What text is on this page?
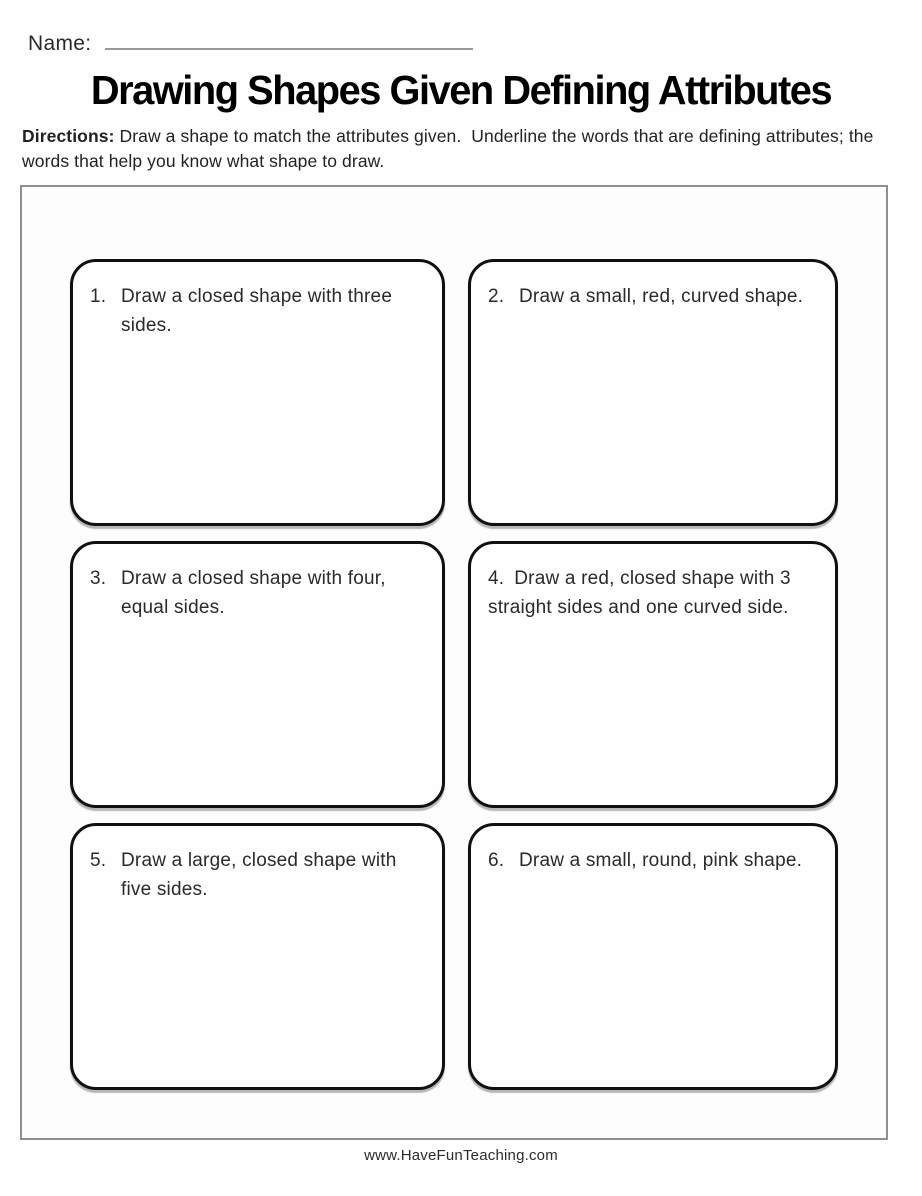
Name:
Drawing Shapes Given Defining Attributes
Directions: Draw a shape to match the attributes given.  Underline the words that are defining attributes; the words that help you know what shape to draw.
1. Draw a closed shape with three sides.
2. Draw a small, red, curved shape.
3. Draw a closed shape with four, equal sides.
4. Draw a red, closed shape with 3 straight sides and one curved side.
5. Draw a large, closed shape with five sides.
6. Draw a small, round, pink shape.
www.HaveFunTeaching.com
